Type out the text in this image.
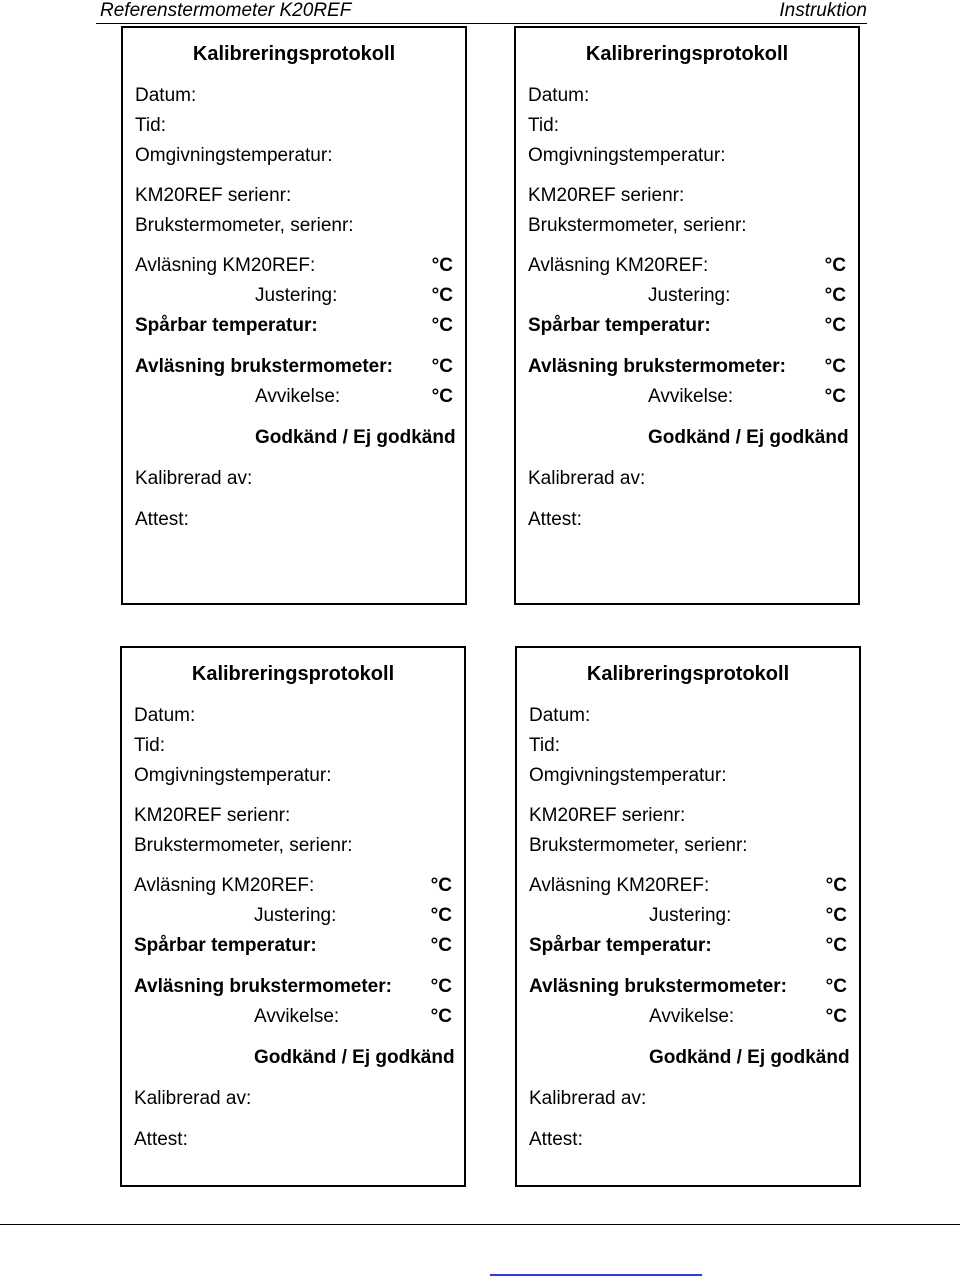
Referenstermometer K20REF	Instruktion
Kalibreringsprotokoll
Datum:
Tid:
Omgivningstemperatur:
KM20REF serienr:
Brukstermometer, serienr:
Avläsning KM20REF:	°C
Justering:	°C
Spårbar temperatur:	°C
Avläsning brukstermometer: °C
Avvikelse:	°C
Godkänd / Ej godkänd
Kalibrerad av:
Attest:
Kalibreringsprotokoll
Datum:
Tid:
Omgivningstemperatur:
KM20REF serienr:
Brukstermometer, serienr:
Avläsning KM20REF:	°C
Justering:	°C
Spårbar temperatur:	°C
Avläsning brukstermometer: °C
Avvikelse:	°C
Godkänd / Ej godkänd
Kalibrerad av:
Attest:
Kalibreringsprotokoll
Datum:
Tid:
Omgivningstemperatur:
KM20REF serienr:
Brukstermometer, serienr:
Avläsning KM20REF:	°C
Justering:	°C
Spårbar temperatur:	°C
Avläsning brukstermometer: °C
Avvikelse:	°C
Godkänd / Ej godkänd
Kalibrerad av:
Attest:
Kalibreringsprotokoll
Datum:
Tid:
Omgivningstemperatur:
KM20REF serienr:
Brukstermometer, serienr:
Avläsning KM20REF:	°C
Justering:	°C
Spårbar temperatur:	°C
Avläsning brukstermometer: °C
Avvikelse:	°C
Godkänd / Ej godkänd
Kalibrerad av:
Attest:
